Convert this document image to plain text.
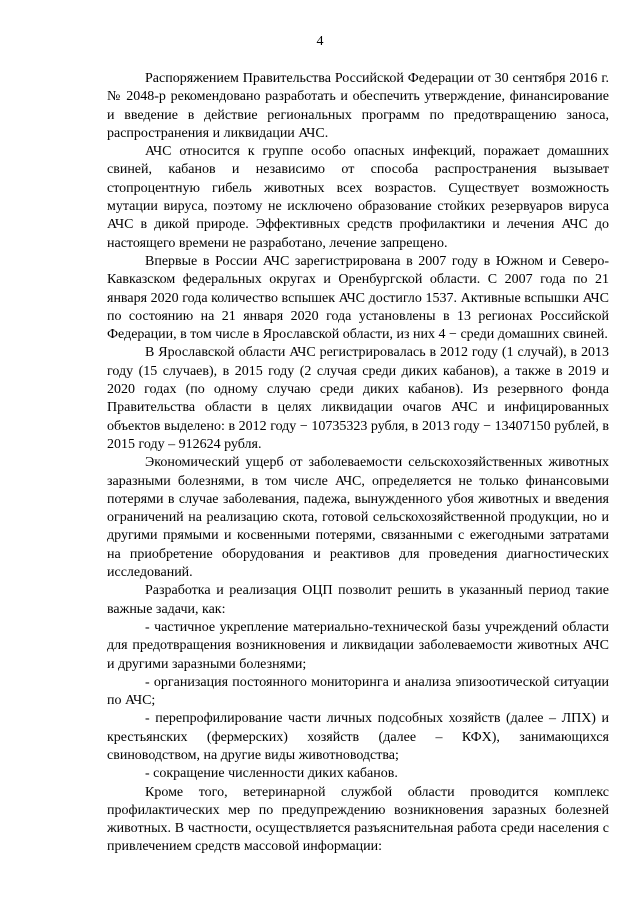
4

Распоряжением Правительства Российской Федерации от 30 сентября 2016 г. № 2048-р рекомендовано разработать и обеспечить утверждение, финансирование и введение в действие региональных программ по предотвращению заноса, распространения и ликвидации АЧС.

АЧС относится к группе особо опасных инфекций, поражает домашних свиней, кабанов и независимо от способа распространения вызывает стопроцентную гибель животных всех возрастов. Существует возможность мутации вируса, поэтому не исключено образование стойких резервуаров вируса АЧС в дикой природе. Эффективных средств профилактики и лечения АЧС до настоящего времени не разработано, лечение запрещено.

Впервые в России АЧС зарегистрирована в 2007 году в Южном и Северо-Кавказском федеральных округах и Оренбургской области. С 2007 года по 21 января 2020 года количество вспышек АЧС достигло 1537. Активные вспышки АЧС по состоянию на 21 января 2020 года установлены в 13 регионах Российской Федерации, в том числе в Ярославской области, из них 4 − среди домашних свиней.

В Ярославской области АЧС регистрировалась в 2012 году (1 случай), в 2013 году (15 случаев), в 2015 году (2 случая среди диких кабанов), а также в 2019 и 2020 годах (по одному случаю среди диких кабанов). Из резервного фонда Правительства области в целях ликвидации очагов АЧС и инфицированных объектов выделено: в 2012 году − 10735323 рубля, в 2013 году − 13407150 рублей, в 2015 году – 912624 рубля.

Экономический ущерб от заболеваемости сельскохозяйственных животных заразными болезнями, в том числе АЧС, определяется не только финансовыми потерями в случае заболевания, падежа, вынужденного убоя животных и введения ограничений на реализацию скота, готовой сельскохозяйственной продукции, но и другими прямыми и косвенными потерями, связанными с ежегодными затратами на приобретение оборудования и реактивов для проведения диагностических исследований.

Разработка и реализация ОЦП позволит решить в указанный период такие важные задачи, как:

- частичное укрепление материально-технической базы учреждений области для предотвращения возникновения и ликвидации заболеваемости животных АЧС и другими заразными болезнями;

- организация постоянного мониторинга и анализа эпизоотической ситуации по АЧС;

- перепрофилирование части личных подсобных хозяйств (далее – ЛПХ) и крестьянских (фермерских) хозяйств (далее – КФХ), занимающихся свиноводством, на другие виды животноводства;

- сокращение численности диких кабанов.

Кроме того, ветеринарной службой области проводится комплекс профилактических мер по предупреждению возникновения заразных болезней животных. В частности, осуществляется разъяснительная работа среди населения с привлечением средств массовой информации:
